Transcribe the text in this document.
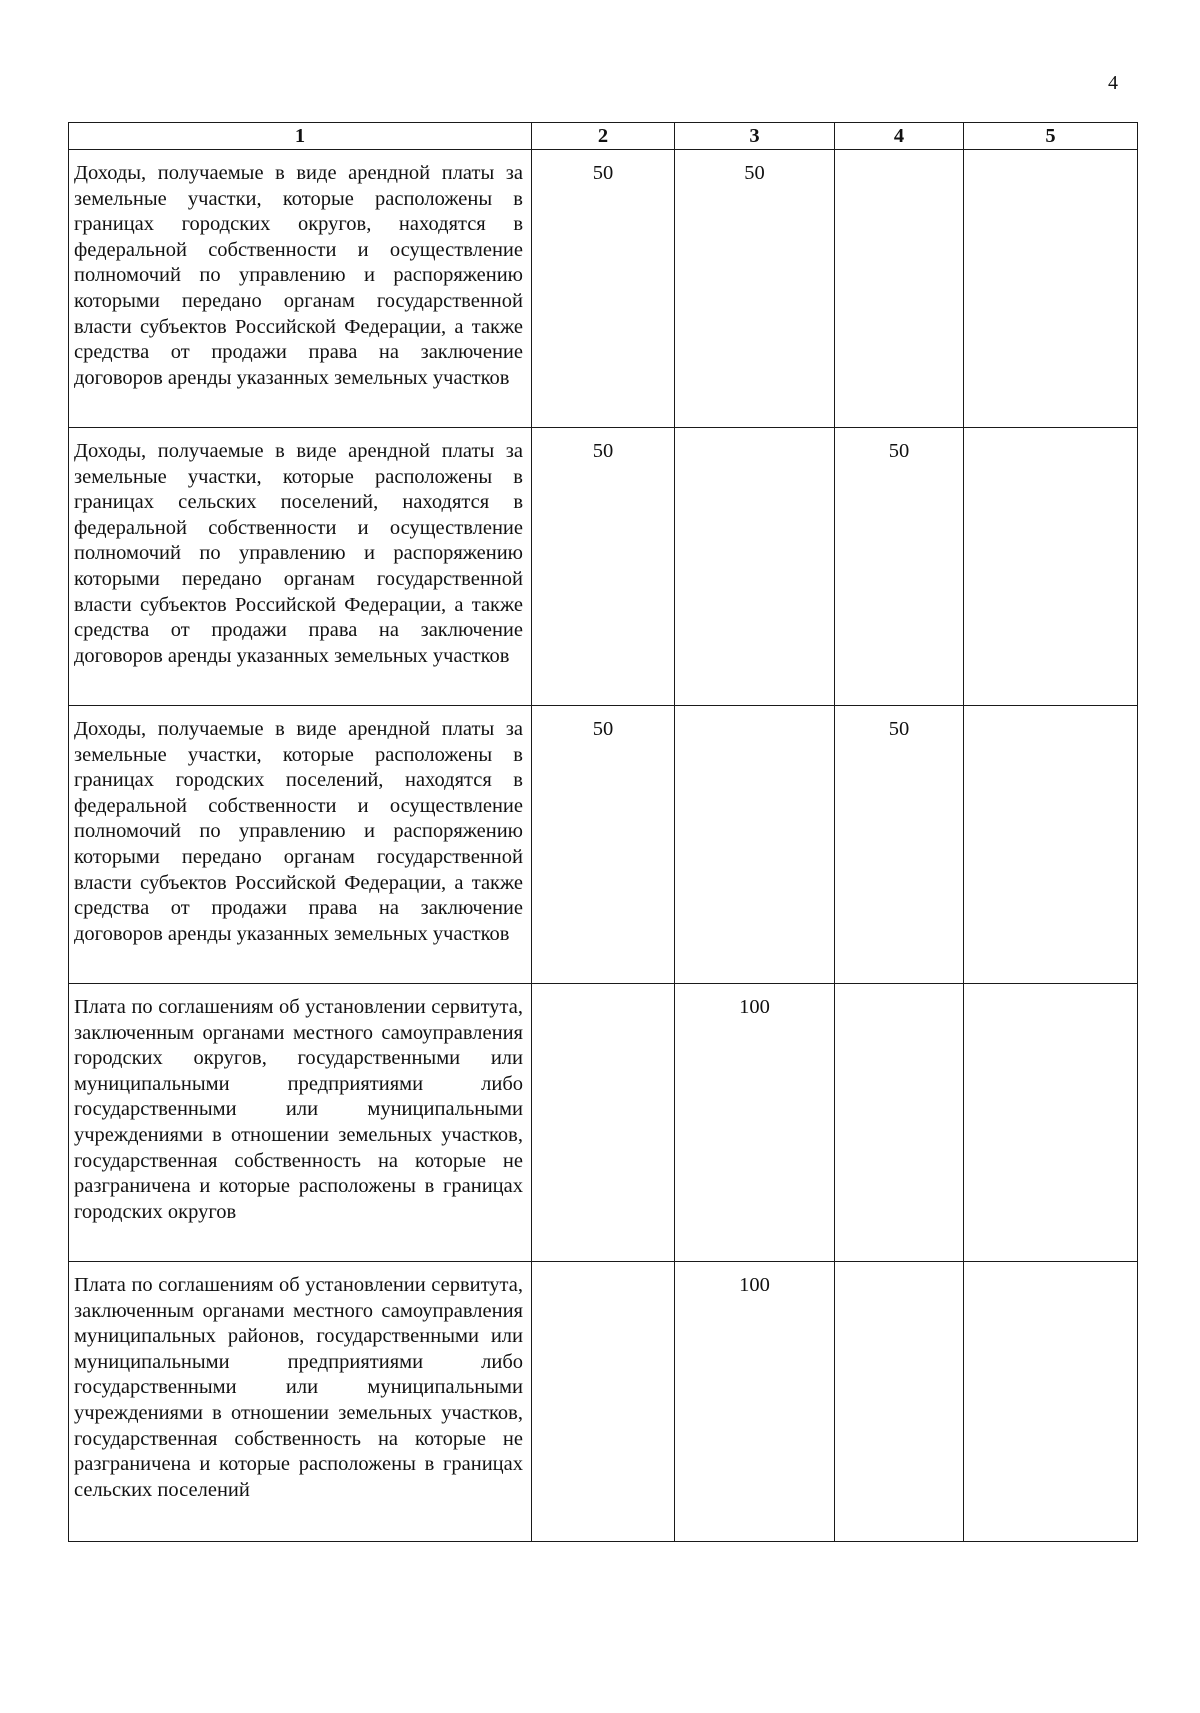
4
1	2	3	4	5
Доходы, получаемые в виде арендной платы за земельные участки, которые расположены в границах городских округов, находятся в федеральной собственности и осуществление полномочий по управлению и распоряжению которыми передано органам государственной власти субъектов Российской Федерации, а также средства от продажи права на заключение договоров аренды указанных земельных участков	50	50		
Доходы, получаемые в виде арендной платы за земельные участки, которые расположены в границах сельских поселений, находятся в федеральной собственности и осуществление полномочий по управлению и распоряжению которыми передано органам государственной власти субъектов Российской Федерации, а также средства от продажи права на заключение договоров аренды указанных земельных участков	50		50	
Доходы, получаемые в виде арендной платы за земельные участки, которые расположены в границах городских поселений, находятся в федеральной собственности и осуществление полномочий по управлению и распоряжению которыми передано органам государственной власти субъектов Российской Федерации, а также средства от продажи права на заключение договоров аренды указанных земельных участков	50		50	
Плата по соглашениям об установлении сервитута, заключенным органами местного самоуправления городских округов, государственными или муниципальными предприятиями либо государственными или муниципальными учреждениями в отношении земельных участков, государственная собственность на которые не разграничена и которые расположены в границах городских округов		100		
Плата по соглашениям об установлении сервитута, заключенным органами местного самоуправления муниципальных районов, государственными или муниципальными предприятиями либо государственными или муниципальными учреждениями в отношении земельных участков, государственная собственность на которые не разграничена и которые расположены в границах сельских поселений		100		
